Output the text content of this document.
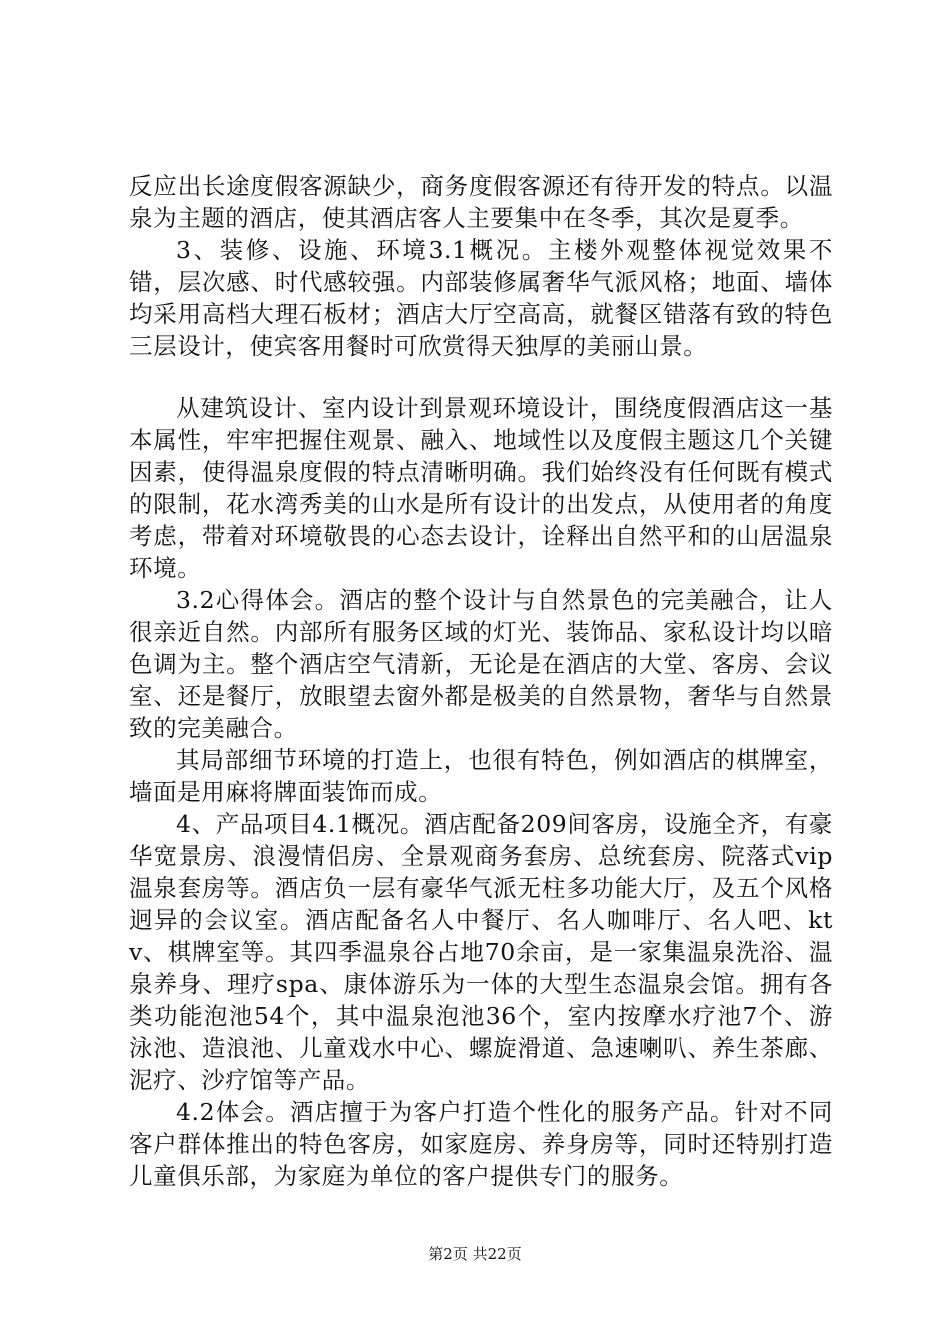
反应出长途度假客源缺少，商务度假客源还有待开发的特点。以温泉为主题的酒店，使其酒店客人主要集中在冬季，其次是夏季。

3、装修、设施、环境3.1概况。主楼外观整体视觉效果不错，层次感、时代感较强。内部装修属奢华气派风格；地面、墙体均采用高档大理石板材；酒店大厅空高高，就餐区错落有致的特色三层设计，使宾客用餐时可欣赏得天独厚的美丽山景。

从建筑设计、室内设计到景观环境设计，围绕度假酒店这一基本属性，牢牢把握住观景、融入、地域性以及度假主题这几个关键因素，使得温泉度假的特点清晰明确。我们始终没有任何既有模式的限制，花水湾秀美的山水是所有设计的出发点，从使用者的角度考虑，带着对环境敬畏的心态去设计，诠释出自然平和的山居温泉环境。

3.2心得体会。酒店的整个设计与自然景色的完美融合，让人很亲近自然。内部所有服务区域的灯光、装饰品、家私设计均以暗色调为主。整个酒店空气清新，无论是在酒店的大堂、客房、会议室、还是餐厅，放眼望去窗外都是极美的自然景物，奢华与自然景致的完美融合。

其局部细节环境的打造上，也很有特色，例如酒店的棋牌室，墙面是用麻将牌面装饰而成。

4、产品项目4.1概况。酒店配备209间客房，设施全齐，有豪华宽景房、浪漫情侣房、全景观商务套房、总统套房、院落式vip温泉套房等。酒店负一层有豪华气派无柱多功能大厅，及五个风格迥异的会议室。酒店配备名人中餐厅、名人咖啡厅、名人吧、ktv、棋牌室等。其四季温泉谷占地70余亩，是一家集温泉洗浴、温泉养身、理疗spa、康体游乐为一体的大型生态温泉会馆。拥有各类功能泡池54个，其中温泉泡池36个，室内按摩水疗池7个、游泳池、造浪池、儿童戏水中心、螺旋滑道、急速喇叭、养生茶廊、泥疗、沙疗馆等产品。

4.2体会。酒店擅于为客户打造个性化的服务产品。针对不同客户群体推出的特色客房，如家庭房、养身房等，同时还特别打造儿童俱乐部，为家庭为单位的客户提供专门的服务。

第2页 共22页
